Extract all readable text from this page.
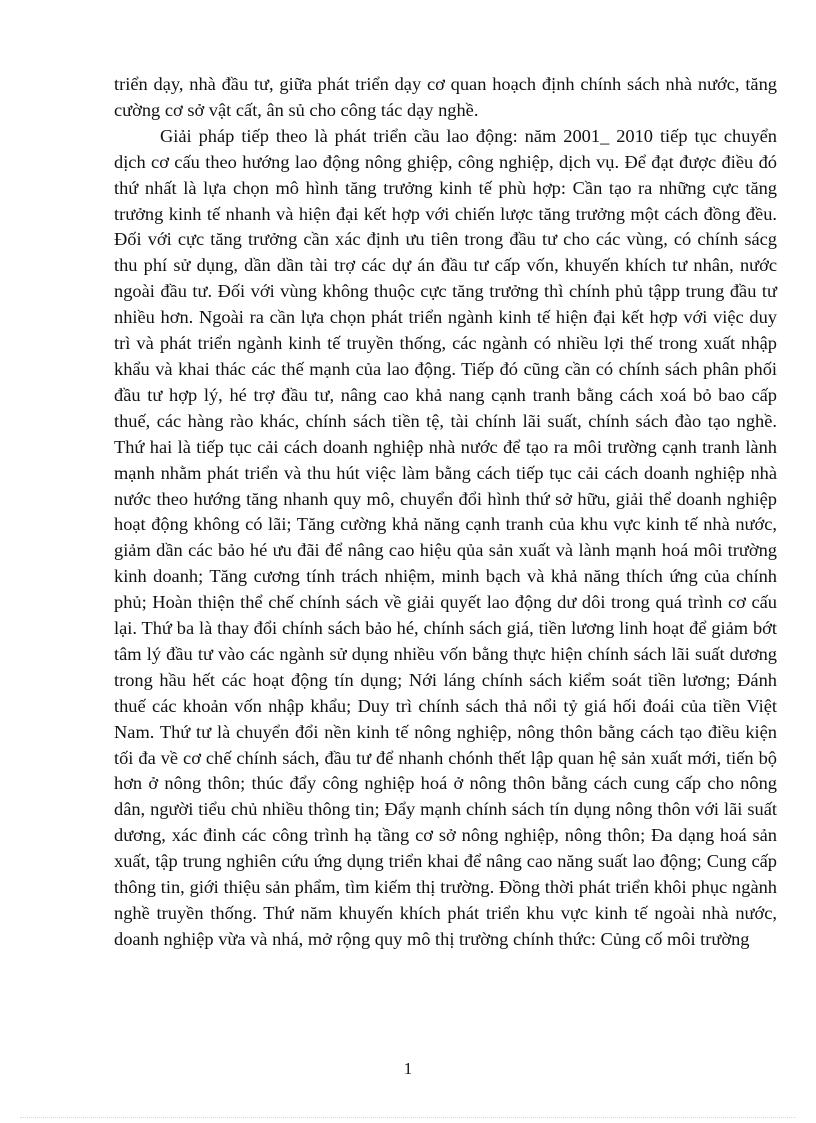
triển dạy, nhà đầu tư, giữa phát triển dạy cơ quan hoạch định chính sách nhà nước, tăng cường cơ sở vật cất, ân sủ cho công tác dạy nghề.

Giải pháp tiếp theo là phát triển cầu lao động: năm 2001_ 2010 tiếp tục chuyển dịch cơ cấu theo hướng lao động nông ghiệp, công nghiệp, dịch vụ. Để đạt được điều đó thứ nhất là lựa chọn mô hình tăng trưởng kinh tế phù hợp: Cần tạo ra những cực tăng trưởng kinh tế nhanh và hiện đại kết hợp với chiến lược tăng trưởng một cách đồng đều. Đối với cực tăng trưởng cần xác định ưu tiên trong đầu tư cho các vùng, có chính sácg thu phí sử dụng, dần dần tài trợ các dự án đầu tư cấp vốn, khuyến khích tư nhân, nước ngoài đầu tư. Đối với vùng không thuộc cực tăng trưởng thì chính phủ tậpp trung đầu tư nhiều hơn. Ngoài ra cần lựa chọn phát triển ngành kinh tế hiện đại kết hợp với việc duy trì và phát triển ngành kinh tế truyền thống, các ngành có nhiều lợi thế trong xuất nhập khẩu và khai thác các thế mạnh của lao động. Tiếp đó cũng cần có chính sách phân phối đầu tư hợp lý, hé trợ đầu tư, nâng cao khả nang cạnh tranh bằng cách xoá bỏ bao cấp thuế, các hàng rào khác, chính sách tiền tệ, tài chính lãi suất, chính sách đào tạo nghề. Thứ hai là tiếp tục cải cách doanh nghiệp nhà nước để tạo ra môi trường cạnh tranh lành mạnh nhằm phát triển và thu hút việc làm bằng cách tiếp tục cải cách doanh nghiệp nhà nước theo hướng tăng nhanh quy mô, chuyển đổi hình thứ sở hữu, giải thể doanh nghiệp hoạt động không có lãi; Tăng cường khả năng cạnh tranh của khu vực kinh tế nhà nước, giảm dần các bảo hé ưu đãi để nâng cao hiệu qủa sản xuất và lành mạnh hoá môi trường kinh doanh; Tăng cương tính trách nhiệm, minh bạch và khả năng thích ứng của chính phủ; Hoàn thiện thể chế chính sách về giải quyết lao động dư dôi trong quá trình cơ cấu lại. Thứ ba là thay đổi chính sách bảo hé, chính sách giá, tiền lương linh hoạt để giảm bớt tâm lý đầu tư vào các ngành sử dụng nhiều vốn bằng thực hiện chính sách lãi suất dương trong hầu hết các hoạt động tín dụng; Nới láng chính sách kiểm soát tiền lương; Đánh thuế các khoản vốn nhập khẩu; Duy trì chính sách thả nổi tỷ giá hối đoái của tiền Việt Nam. Thứ tư là chuyển đổi nền kinh tế nông nghiệp, nông thôn bằng cách tạo điều kiện tối đa về cơ chế chính sách, đầu tư để nhanh chónh thết lập quan hệ sản xuất mới, tiến bộ hơn ở nông thôn; thúc đẩy công nghiệp hoá ở nông thôn bằng cách cung cấp cho nông dân, người tiểu chủ nhiều thông tin; Đẩy mạnh chính sách tín dụng nông thôn với lãi suất dương, xác đinh các công trình hạ tầng cơ sở nông nghiệp, nông thôn; Đa dạng hoá sản xuất, tập trung nghiên cứu ứng dụng triển khai để nâng cao năng suất lao động; Cung cấp thông tin, giới thiệu sản phẩm, tìm kiếm thị trường. Đồng thời phát triển khôi phục ngành nghề truyền thống. Thứ năm khuyến khích phát triển khu vực kinh tế ngoài nhà nước, doanh nghiệp vừa và nhá, mở rộng quy mô thị trường chính thức: Củng cố môi trường

1
